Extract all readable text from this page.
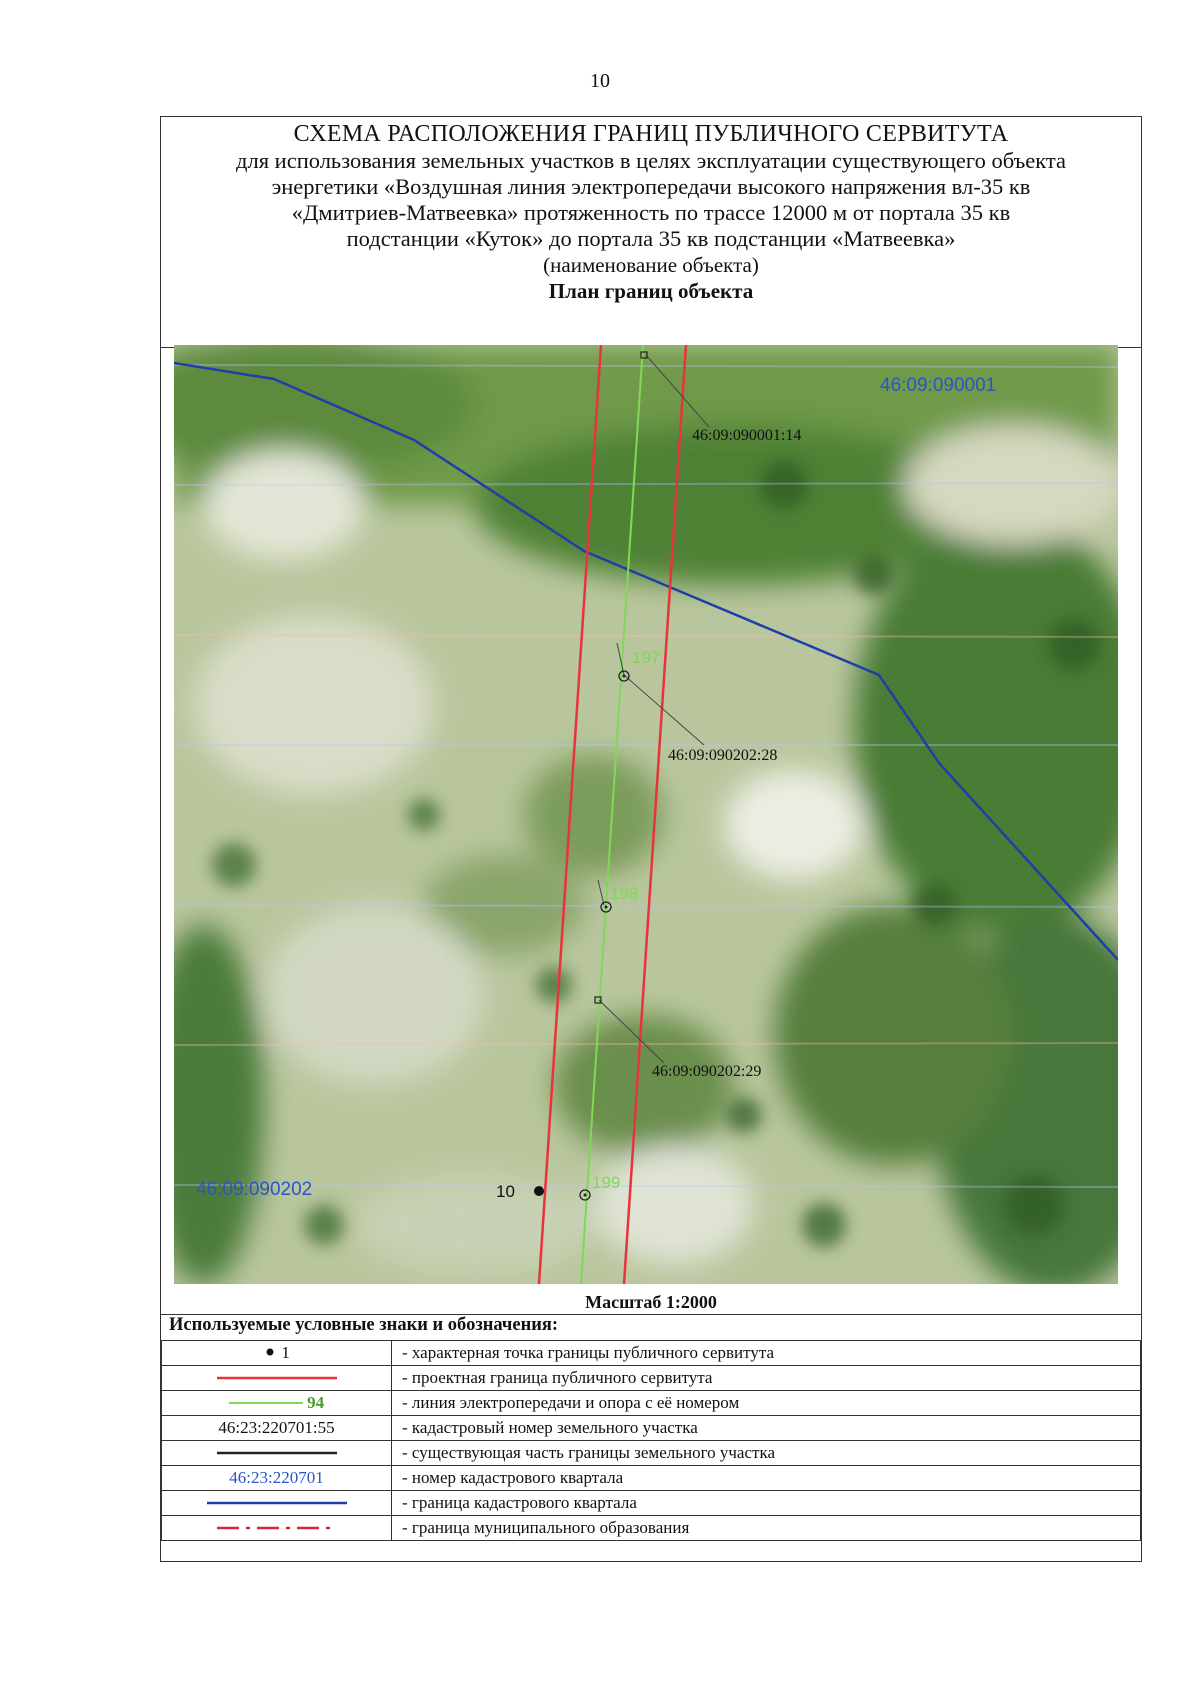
10
СХЕМА РАСПОЛОЖЕНИЯ ГРАНИЦ ПУБЛИЧНОГО СЕРВИТУТА
для использования земельных участков в целях эксплуатации существующего объекта
энергетики «Воздушная линия электропередачи высокого напряжения вл-35 кв
«Дмитриев-Матвеевка» протяженность по трассе 12000 м от портала 35 кв
подстанции «Куток» до портала 35 кв подстанции «Матвеевка»
(наименование объекта)
План границ объекта
46:09:090001
46:09:090202
46:09:090001:14
46:09:090202:28
46:09:090202:29
197
198
199
10
Масштаб 1:2000
Используемые условные знаки и обозначения:
1	- характерная точка границы публичного сервитута
	- проектная граница публичного сервитута
94	- линия электропередачи и опора с её номером
46:23:220701:55	- кадастровый номер земельного участка
	- существующая часть границы земельного участка
46:23:220701	- номер кадастрового квартала
	- граница кадастрового квартала
	- граница муниципального образования
